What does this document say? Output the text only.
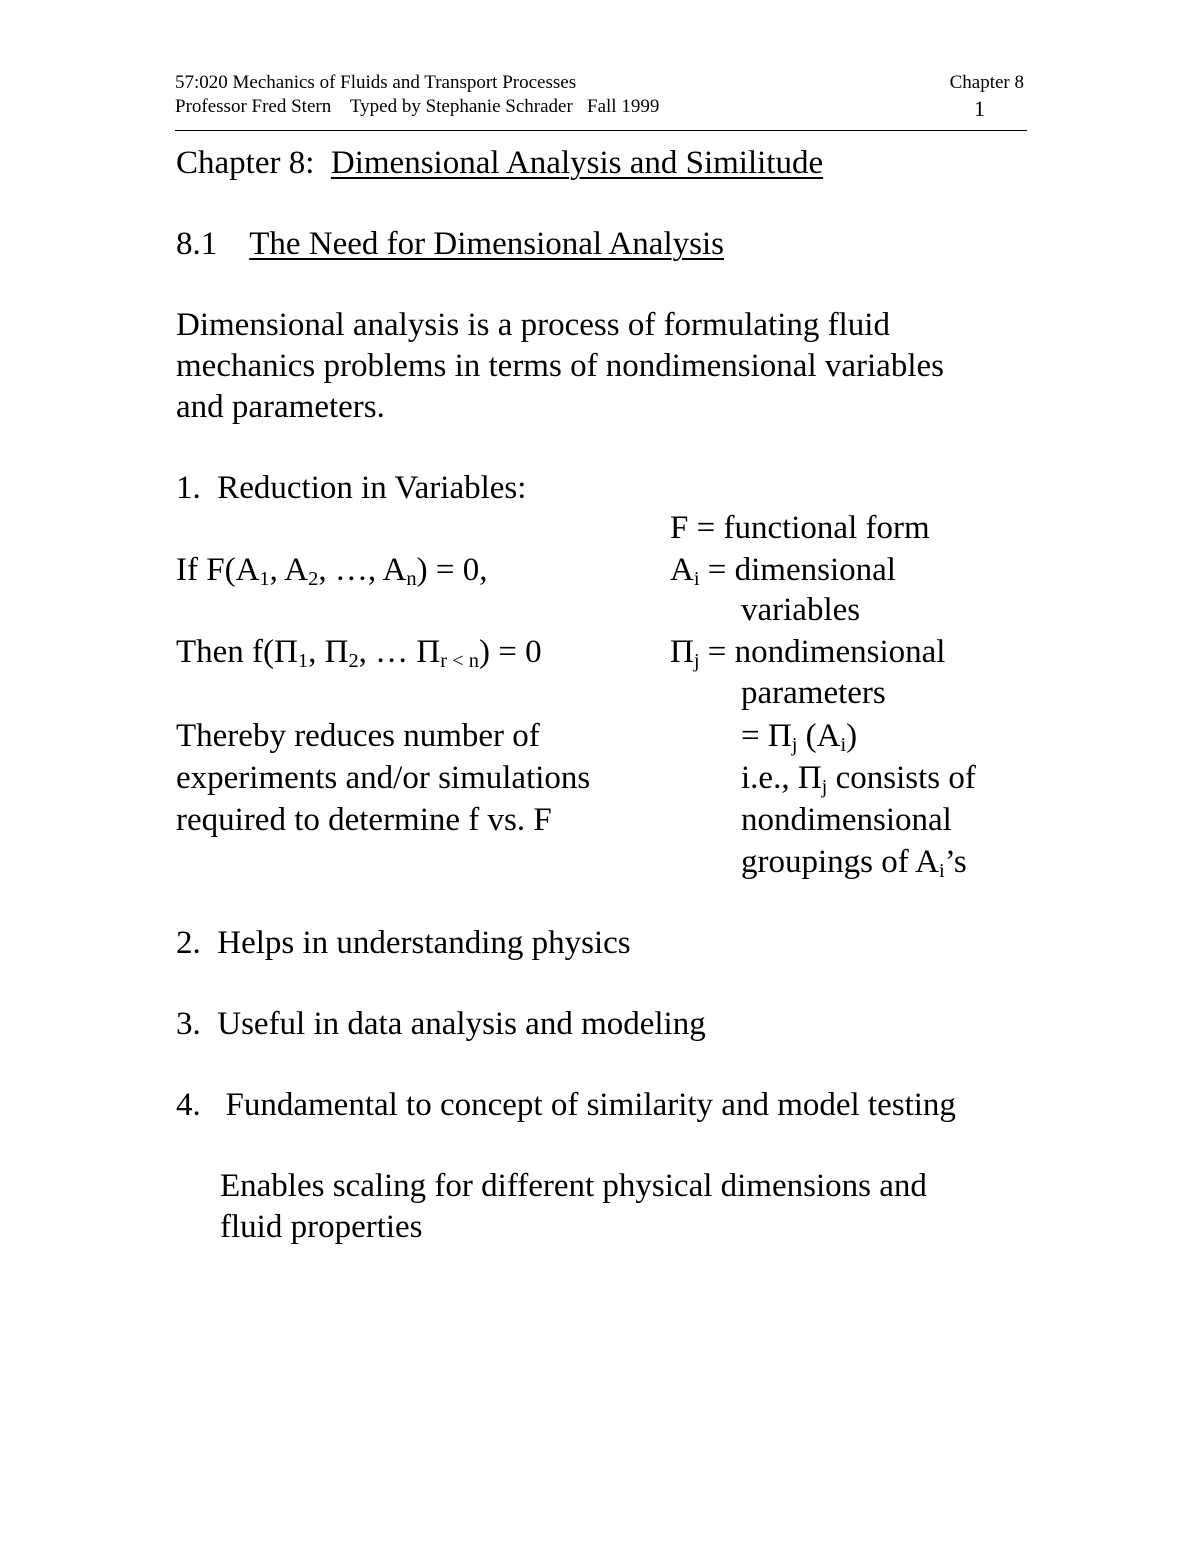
57:020 Mechanics of Fluids and Transport Processes
Professor Fred Stern    Typed by Stephanie Schrader   Fall 1999
Chapter 8
1
Chapter 8: Dimensional Analysis and Similitude
8.1 The Need for Dimensional Analysis
Dimensional analysis is a process of formulating fluid
mechanics problems in terms of nondimensional variables
and parameters.
1.  Reduction in Variables:
F = functional form
If $F(A_1$, $A_2$, …, $A_n) = 0$,	$A_i$ = dimensional
variables
Then $f(\Pi_1$, $\Pi_2$, … $\Pi_{r < n}) = 0$	$\Pi_j$ = nondimensional
parameters
Thereby reduces number of
experiments and/or simulations
required to determine f vs. F
= $\Pi_j$ $(A_i)$
i.e., $\Pi_j$ consists of
nondimensional
groupings of $A_i’s$
2.  Helps in understanding physics
3.  Useful in data analysis and modeling
4.   Fundamental to concept of similarity and model testing
Enables scaling for different physical dimensions and
fluid properties
